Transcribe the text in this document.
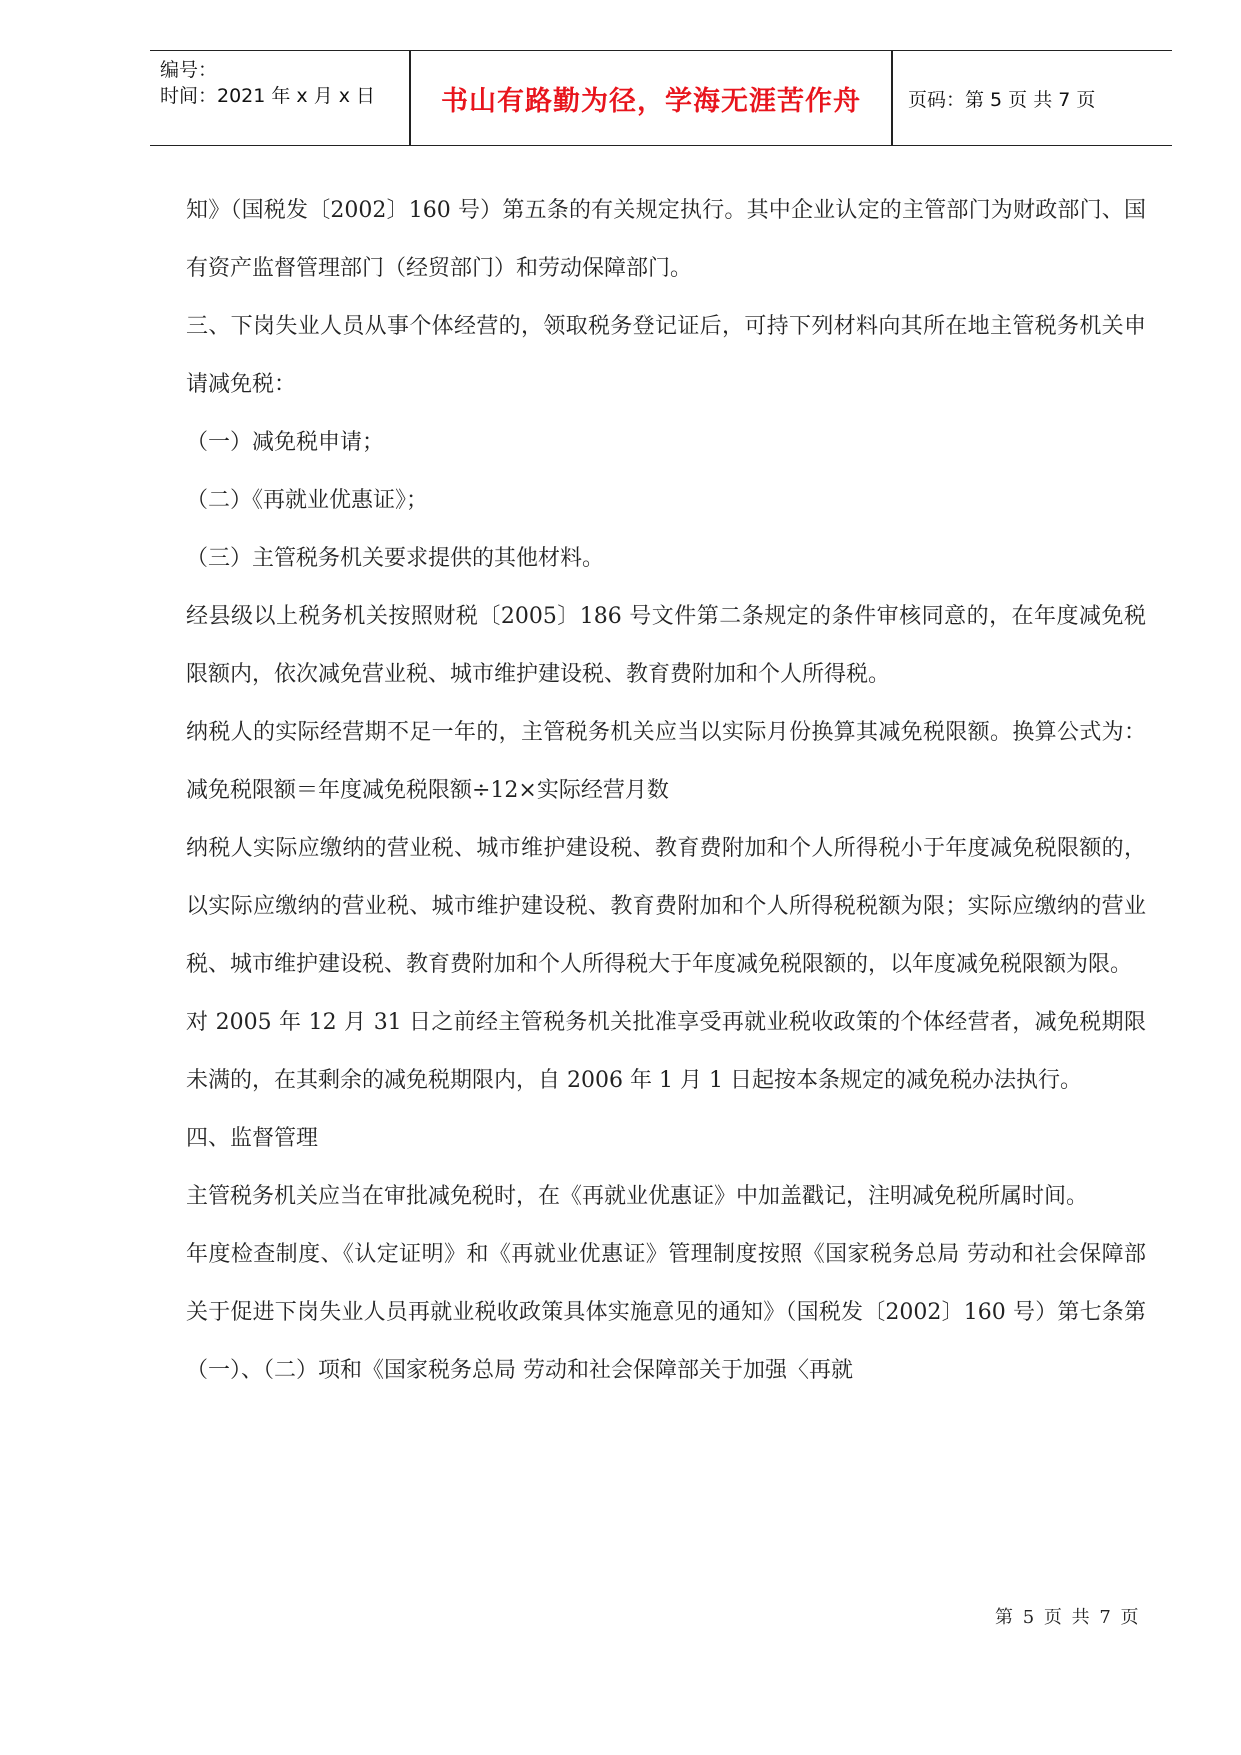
编号：
时间：2021 年 x 月 x 日	书山有路勤为径，学海无涯苦作舟	页码：第 5 页 共 7 页

知》（国税发〔2002〕160 号）第五条的有关规定执行。其中企业认定的主管部门为财政部门、国有资产监督管理部门（经贸部门）和劳动保障部门。

三、下岗失业人员从事个体经营的，领取税务登记证后，可持下列材料向其所在地主管税务机关申请减免税：

（一）减免税申请；

（二）《再就业优惠证》；

（三）主管税务机关要求提供的其他材料。

经县级以上税务机关按照财税〔2005〕186 号文件第二条规定的条件审核同意的，在年度减免税限额内，依次减免营业税、城市维护建设税、教育费附加和个人所得税。

纳税人的实际经营期不足一年的，主管税务机关应当以实际月份换算其减免税限额。换算公式为：减免税限额＝年度减免税限额÷12×实际经营月数

纳税人实际应缴纳的营业税、城市维护建设税、教育费附加和个人所得税小于年度减免税限额的，以实际应缴纳的营业税、城市维护建设税、教育费附加和个人所得税税额为限；实际应缴纳的营业税、城市维护建设税、教育费附加和个人所得税大于年度减免税限额的，以年度减免税限额为限。

对 2005 年 12 月 31 日之前经主管税务机关批准享受再就业税收政策的个体经营者，减免税期限未满的，在其剩余的减免税期限内，自 2006 年 1 月 1 日起按本条规定的减免税办法执行。

四、监督管理

主管税务机关应当在审批减免税时，在《再就业优惠证》中加盖戳记，注明减免税所属时间。

年度检查制度、《认定证明》和《再就业优惠证》管理制度按照《国家税务总局 劳动和社会保障部关于促进下岗失业人员再就业税收政策具体实施意见的通知》（国税发〔2002〕160 号）第七条第（一）、（二）项和《国家税务总局 劳动和社会保障部关于加强〈再就

第 5 页 共 7 页
